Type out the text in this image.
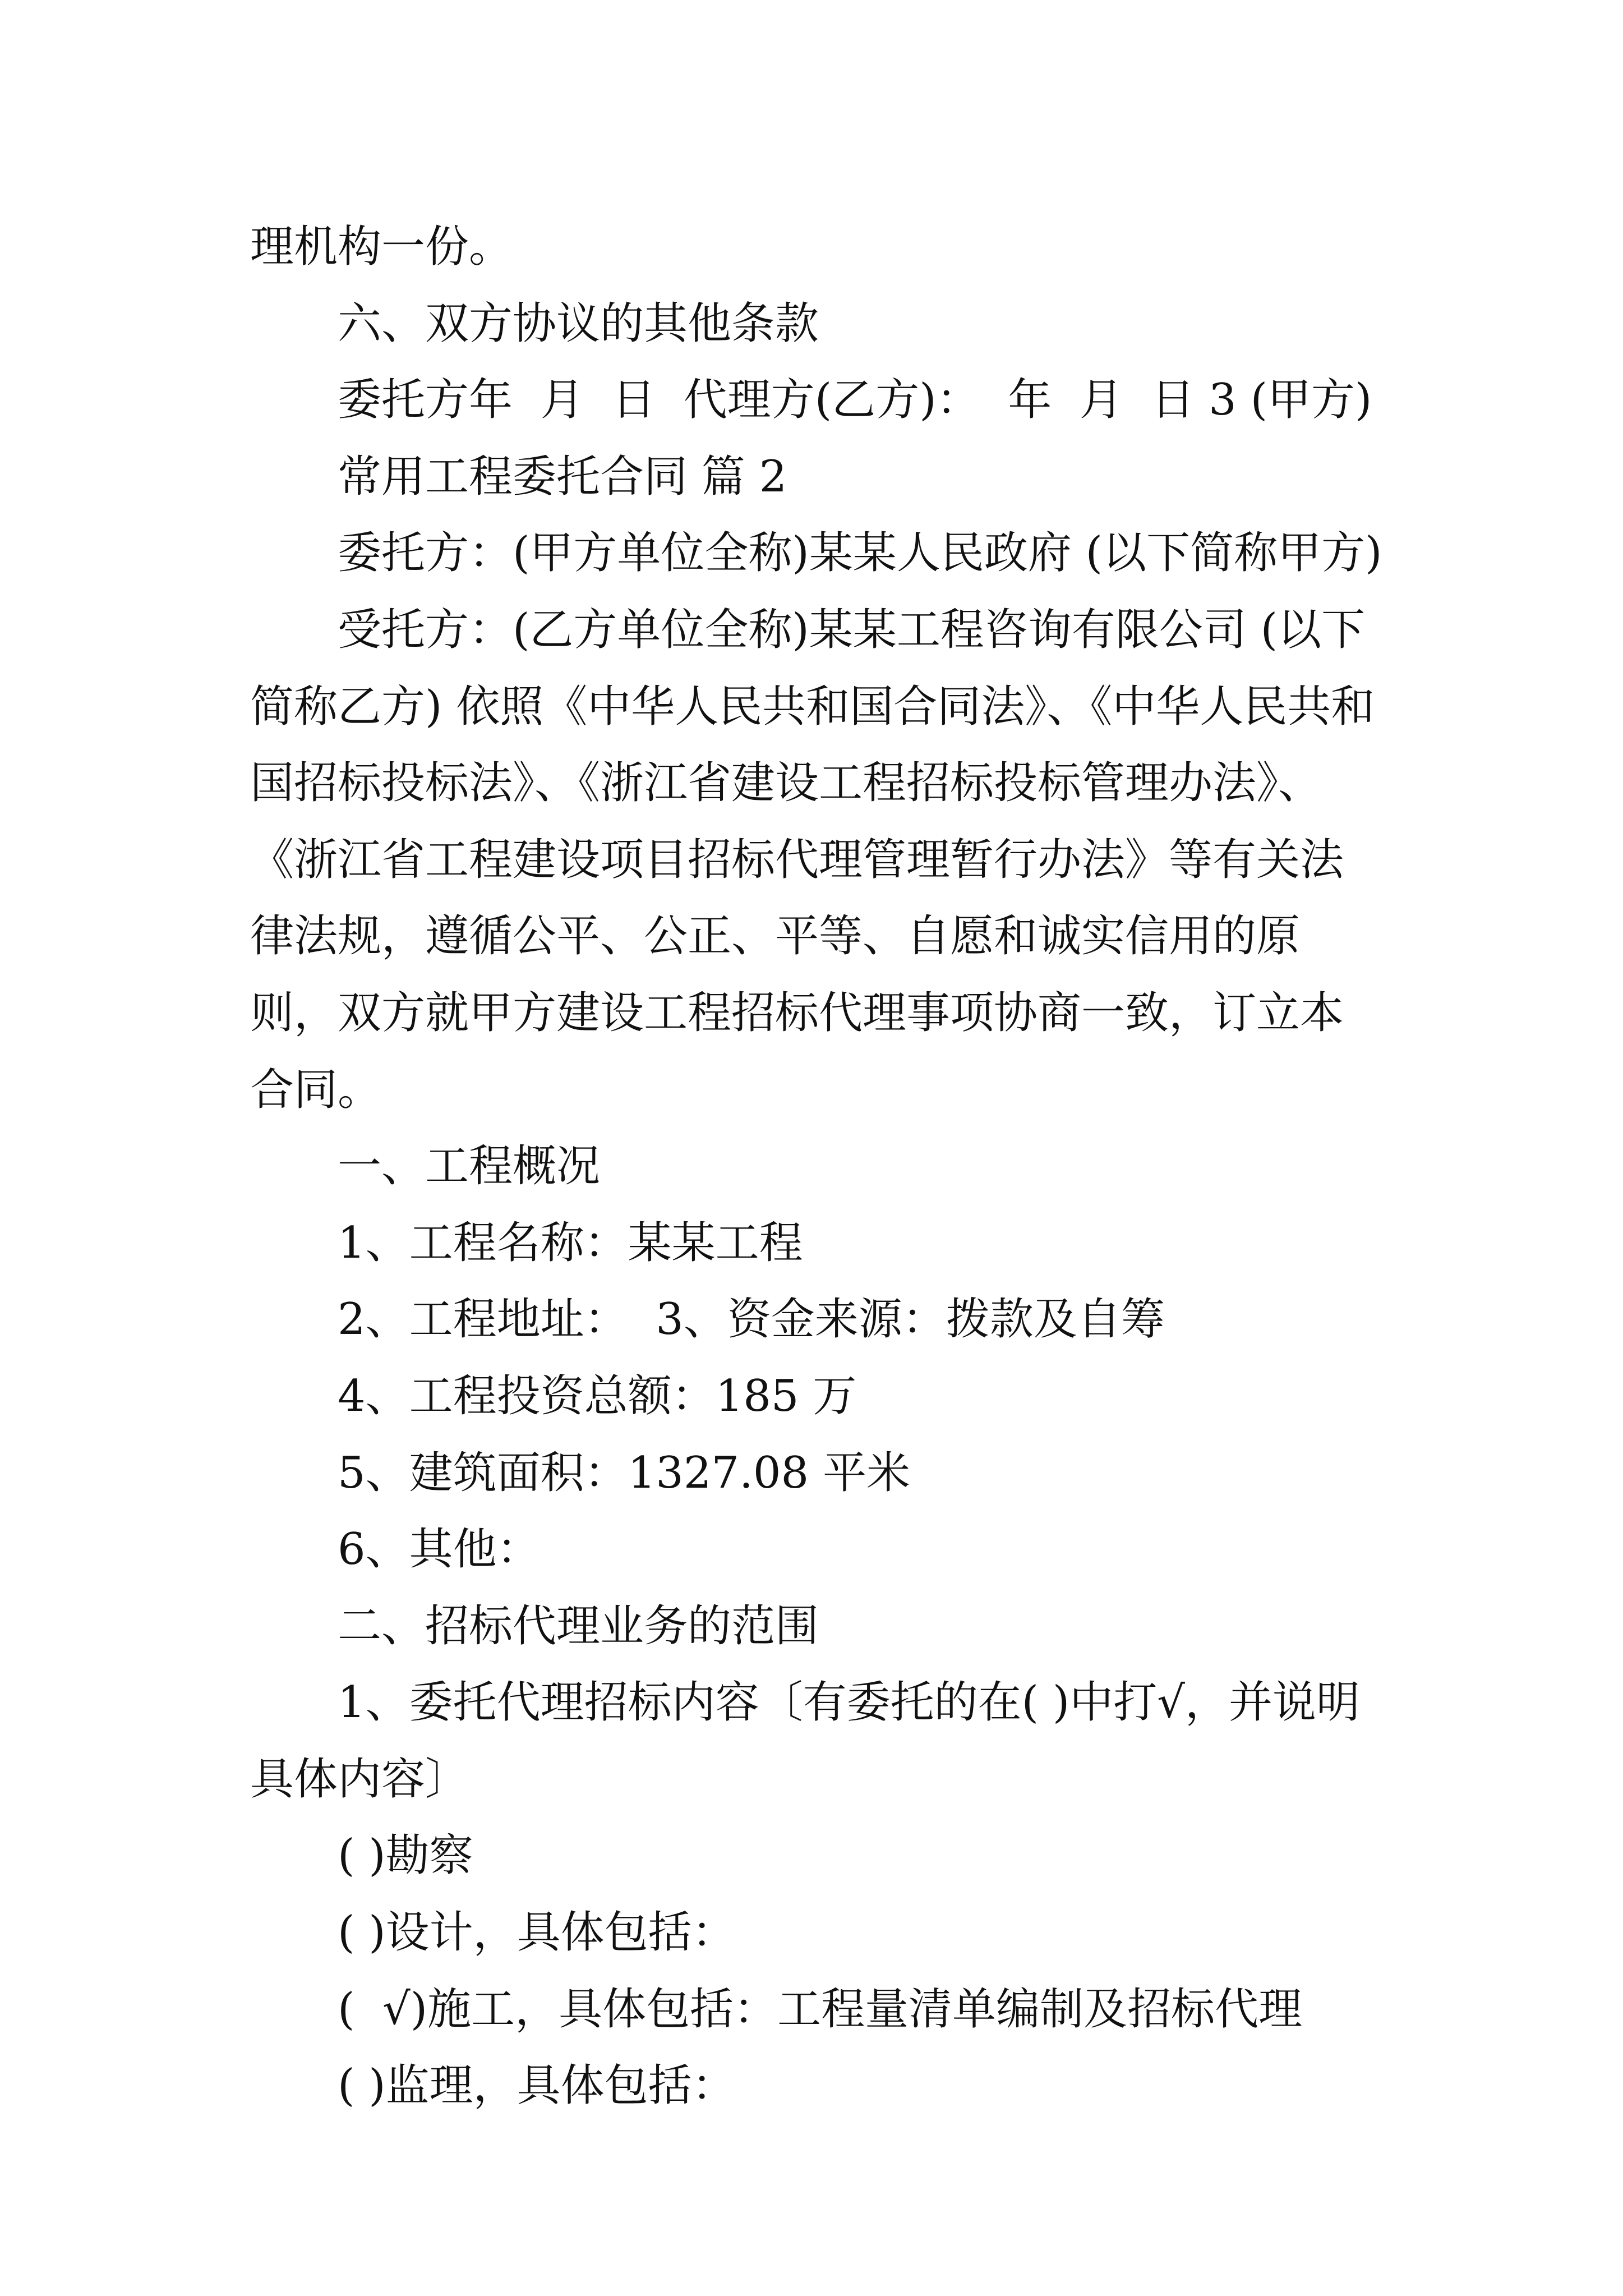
理机构一份。

六、双方协议的其他条款

委托方年  月  日  代理方(乙方)：  年  月  日 3 (甲方)

常用工程委托合同 篇 2

委托方：(甲方单位全称)某某人民政府 (以下简称甲方)

受托方：(乙方单位全称)某某工程咨询有限公司 (以下简称乙方) 依照《中华人民共和国合同法》、《中华人民共和国招标投标法》、《浙江省建设工程招标投标管理办法》、《浙江省工程建设项目招标代理管理暂行办法》等有关法律法规，遵循公平、公正、平等、自愿和诚实信用的原则，双方就甲方建设工程招标代理事项协商一致，订立本合同。

一、工程概况

1、工程名称：某某工程

2、工程地址：  3、资金来源：拨款及自筹

4、工程投资总额：185 万

5、建筑面积：1327.08 平米

6、其他：

二、招标代理业务的范围

1、委托代理招标内容〔有委托的在( )中打√，并说明具体内容〕

( )勘察

( )设计，具体包括：

(  √)施工，具体包括：工程量清单编制及招标代理

( )监理，具体包括：
